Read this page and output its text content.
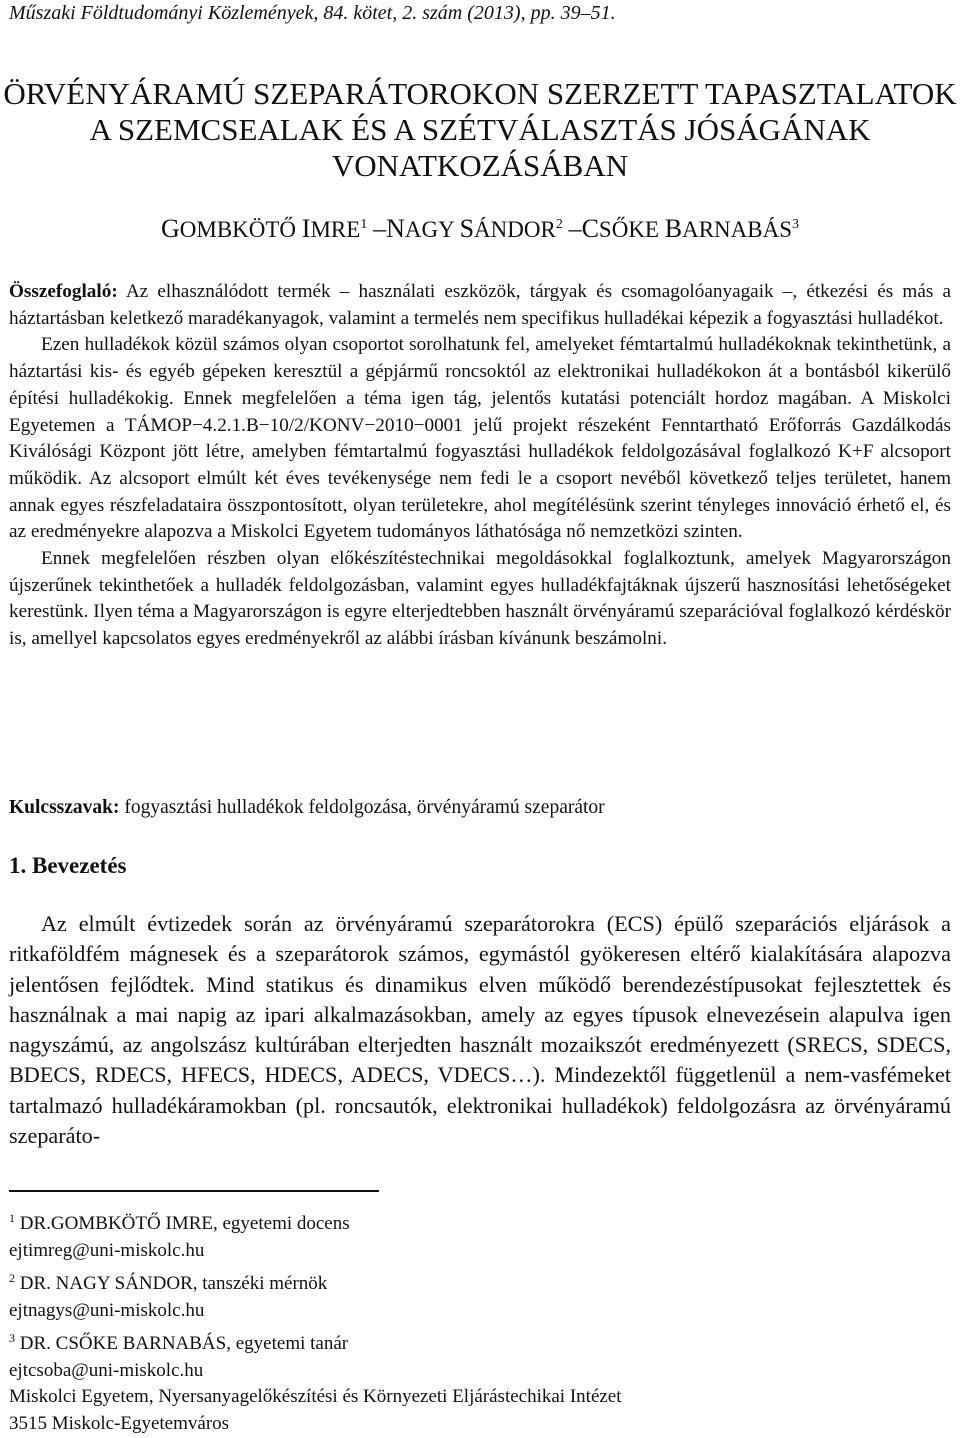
Műszaki Földtudományi Közlemények, 84. kötet, 2. szám (2013), pp. 39–51.
ÖRVÉNYÁRAMÚ SZEPARÁTOROKON SZERZETT TAPASZTALATOK
A SZEMCSEALAK ÉS A SZÉTVÁLASZTÁS JÓSÁGÁNAK
VONATKOZÁSÁBAN
GOMBKÖTŐ IMRE$^1$ –NAGY SÁNDOR$^2$ –CSŐKE BARNABÁS$^3$

Összefoglaló: Az elhasználódott termék – használati eszközök, tárgyak és csomagolóanyagaik –, étkezési és más a háztartásban keletkező maradékanyagok, valamint a termelés nem specifikus hulladékai képezik a fogyasztási hulladékot.

Ezen hulladékok közül számos olyan csoportot sorolhatunk fel, amelyeket fémtartalmú hulladékoknak tekinthetünk, a háztartási kis- és egyéb gépeken keresztül a gépjármű roncsoktól az elektronikai hulladékokon át a bontásból kikerülő építési hulladékokig. Ennek megfelelően a téma igen tág, jelentős kutatási potenciált hordoz magában. A Miskolci Egyetemen a TÁMOP−4.2.1.B−10/2/KONV−2010−0001 jelű projekt részeként Fenntartható Erőforrás Gazdálkodás Kiválósági Központ jött létre, amelyben fémtartalmú fogyasztási hulladékok feldolgozásával foglalkozó K+F alcsoport működik. Az alcsoport elmúlt két éves tevékenysége nem fedi le a csoport nevéből következő teljes területet, hanem annak egyes részfeladataira összpontosított, olyan területekre, ahol megítélésünk szerint tényleges innováció érhető el, és az eredményekre alapozva a Miskolci Egyetem tudományos láthatósága nő nemzetközi szinten.

Ennek megfelelően részben olyan előkészítéstechnikai megoldásokkal foglalkoztunk, amelyek Magyarországon újszerűnek tekinthetőek a hulladék feldolgozásban, valamint egyes hulladékfajtáknak újszerű hasznosítási lehetőségeket kerestünk. Ilyen téma a Magyarországon is egyre elterjedtebben használt örvényáramú szeparációval foglalkozó kérdéskör is, amellyel kapcsolatos egyes eredményekről az alábbi írásban kívánunk beszámolni.

Kulcsszavak: fogyasztási hulladékok feldolgozása, örvényáramú szeparátor
1. Bevezetés

Az elmúlt évtizedek során az örvényáramú szeparátorokra (ECS) épülő szeparációs eljárások a ritkaföldfém mágnesek és a szeparátorok számos, egymástól gyökeresen eltérő kialakítására alapozva jelentősen fejlődtek. Mind statikus és dinamikus elven működő berendezéstípusokat fejlesztettek és használnak a mai napig az ipari alkalmazásokban, amely az egyes típusok elnevezésein alapulva igen nagyszámú, az angolszász kultúrában elterjedten használt mozaikszót eredményezett (SRECS, SDECS, BDECS, RDECS, HFECS, HDECS, ADECS, VDECS…). Mindezektől függetlenül a nem-vasfémeket tartalmazó hulladékáramokban (pl. roncsautók, elektronikai hulladékok) feldolgozásra az örvényáramú szeparáto-

$^1$ DR.GOMBKÖTŐ IMRE, egyetemi docens
ejtimreg@uni-miskolc.hu
$^2$ DR. NAGY SÁNDOR, tanszéki mérnök
ejtnagys@uni-miskolc.hu
$^3$ DR. CSŐKE BARNABÁS, egyetemi tanár
ejtcsoba@uni-miskolc.hu
Miskolci Egyetem, Nyersanyagelőkészítési és Környezeti Eljárástechikai Intézet
3515 Miskolc-Egyetemváros
